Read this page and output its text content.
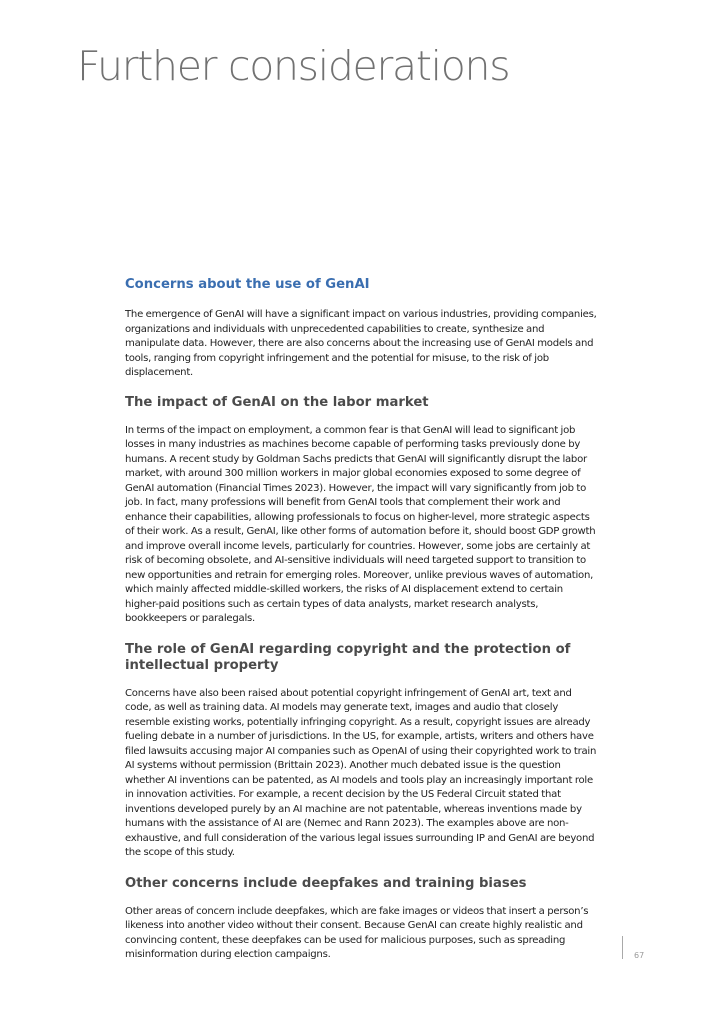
Further considerations
Concerns about the use of GenAI

The emergence of GenAI will have a significant impact on various industries, providing companies, organizations and individuals with unprecedented capabilities to create, synthesize and manipulate data. However, there are also concerns about the increasing use of GenAI models and tools, ranging from copyright infringement and the potential for misuse, to the risk of job displacement.

The impact of GenAI on the labor market

In terms of the impact on employment, a common fear is that GenAI will lead to significant job losses in many industries as machines become capable of performing tasks previously done by humans. A recent study by Goldman Sachs predicts that GenAI will significantly disrupt the labor market, with around 300 million workers in major global economies exposed to some degree of GenAI automation (Financial Times 2023). However, the impact will vary significantly from job to job. In fact, many professions will benefit from GenAI tools that complement their work and enhance their capabilities, allowing professionals to focus on higher-level, more strategic aspects of their work. As a result, GenAI, like other forms of automation before it, should boost GDP growth and improve overall income levels, particularly for countries. However, some jobs are certainly at risk of becoming obsolete, and AI-sensitive individuals will need targeted support to transition to new opportunities and retrain for emerging roles. Moreover, unlike previous waves of automation, which mainly affected middle-skilled workers, the risks of AI displacement extend to certain higher-paid positions such as certain types of data analysts, market research analysts, bookkeepers or paralegals.

The role of GenAI regarding copyright and the protection of intellectual property

Concerns have also been raised about potential copyright infringement of GenAI art, text and code, as well as training data. AI models may generate text, images and audio that closely resemble existing works, potentially infringing copyright. As a result, copyright issues are already fueling debate in a number of jurisdictions. In the US, for example, artists, writers and others have filed lawsuits accusing major AI companies such as OpenAI of using their copyrighted work to train AI systems without permission (Brittain 2023). Another much debated issue is the question whether AI inventions can be patented, as AI models and tools play an increasingly important role in innovation activities. For example, a recent decision by the US Federal Circuit stated that inventions developed purely by an AI machine are not patentable, whereas inventions made by humans with the assistance of AI are (Nemec and Rann 2023). The examples above are non-exhaustive, and full consideration of the various legal issues surrounding IP and GenAI are beyond the scope of this study.

Other concerns include deepfakes and training biases

Other areas of concern include deepfakes, which are fake images or videos that insert a person’s likeness into another video without their consent. Because GenAI can create highly realistic and convincing content, these deepfakes can be used for malicious purposes, such as spreading misinformation during election campaigns.	67
